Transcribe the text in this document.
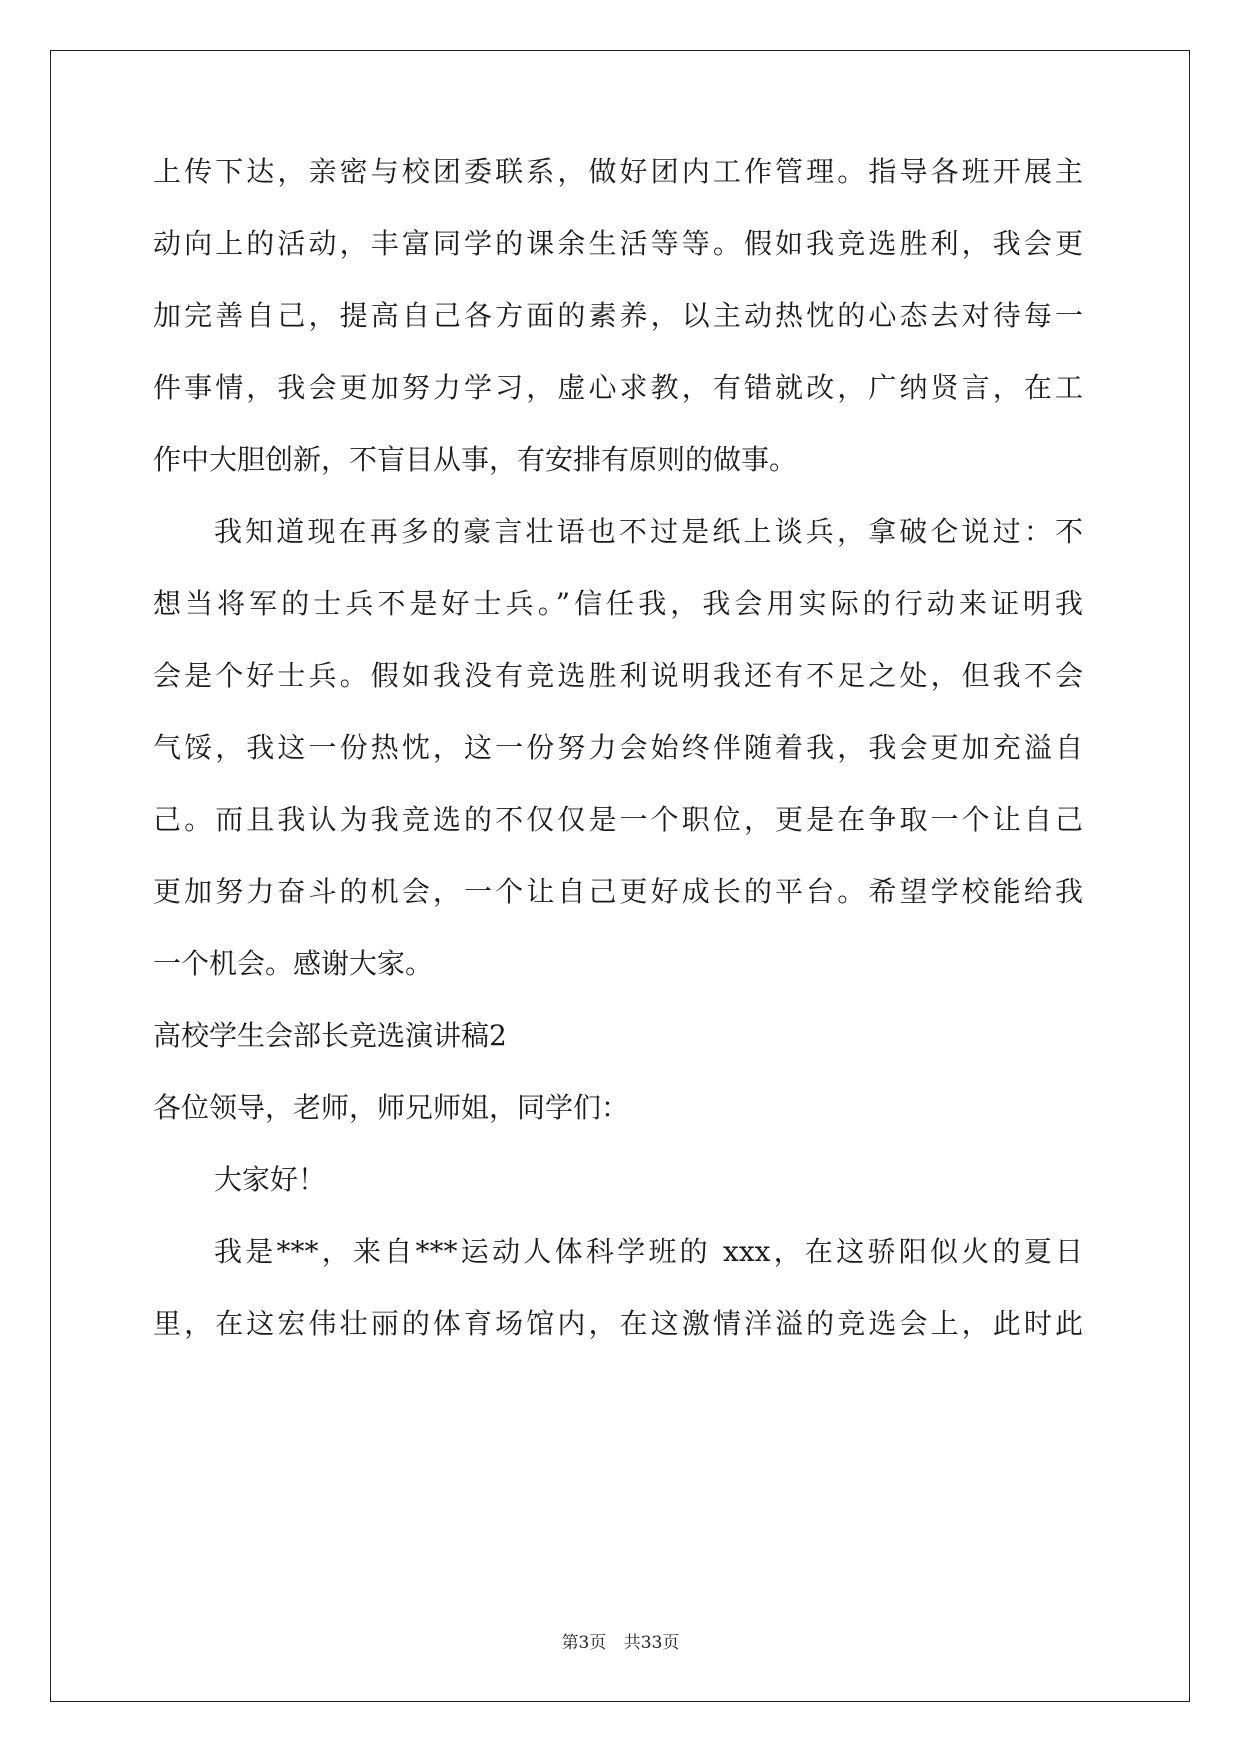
上传下达，亲密与校团委联系，做好团内工作管理。指导各班开展主
动向上的活动，丰富同学的课余生活等等。假如我竞选胜利，我会更
加完善自己，提高自己各方面的素养，以主动热忱的心态去对待每一
件事情，我会更加努力学习，虚心求教，有错就改，广纳贤言，在工
作中大胆创新，不盲目从事，有安排有原则的做事。
我知道现在再多的豪言壮语也不过是纸上谈兵，拿破仑说过：不
想当将军的士兵不是好士兵。”信任我，我会用实际的行动来证明我
会是个好士兵。假如我没有竞选胜利说明我还有不足之处，但我不会
气馁，我这一份热忱，这一份努力会始终伴随着我，我会更加充溢自
己。而且我认为我竞选的不仅仅是一个职位，更是在争取一个让自己
更加努力奋斗的机会，一个让自己更好成长的平台。希望学校能给我
一个机会。感谢大家。
高校学生会部长竞选演讲稿2
各位领导，老师，师兄师姐，同学们：
大家好！
我是***，来自***运动人体科学班的 xxx，在这骄阳似火的夏日
里，在这宏伟壮丽的体育场馆内，在这激情洋溢的竞选会上，此时此
第3页 共33页
